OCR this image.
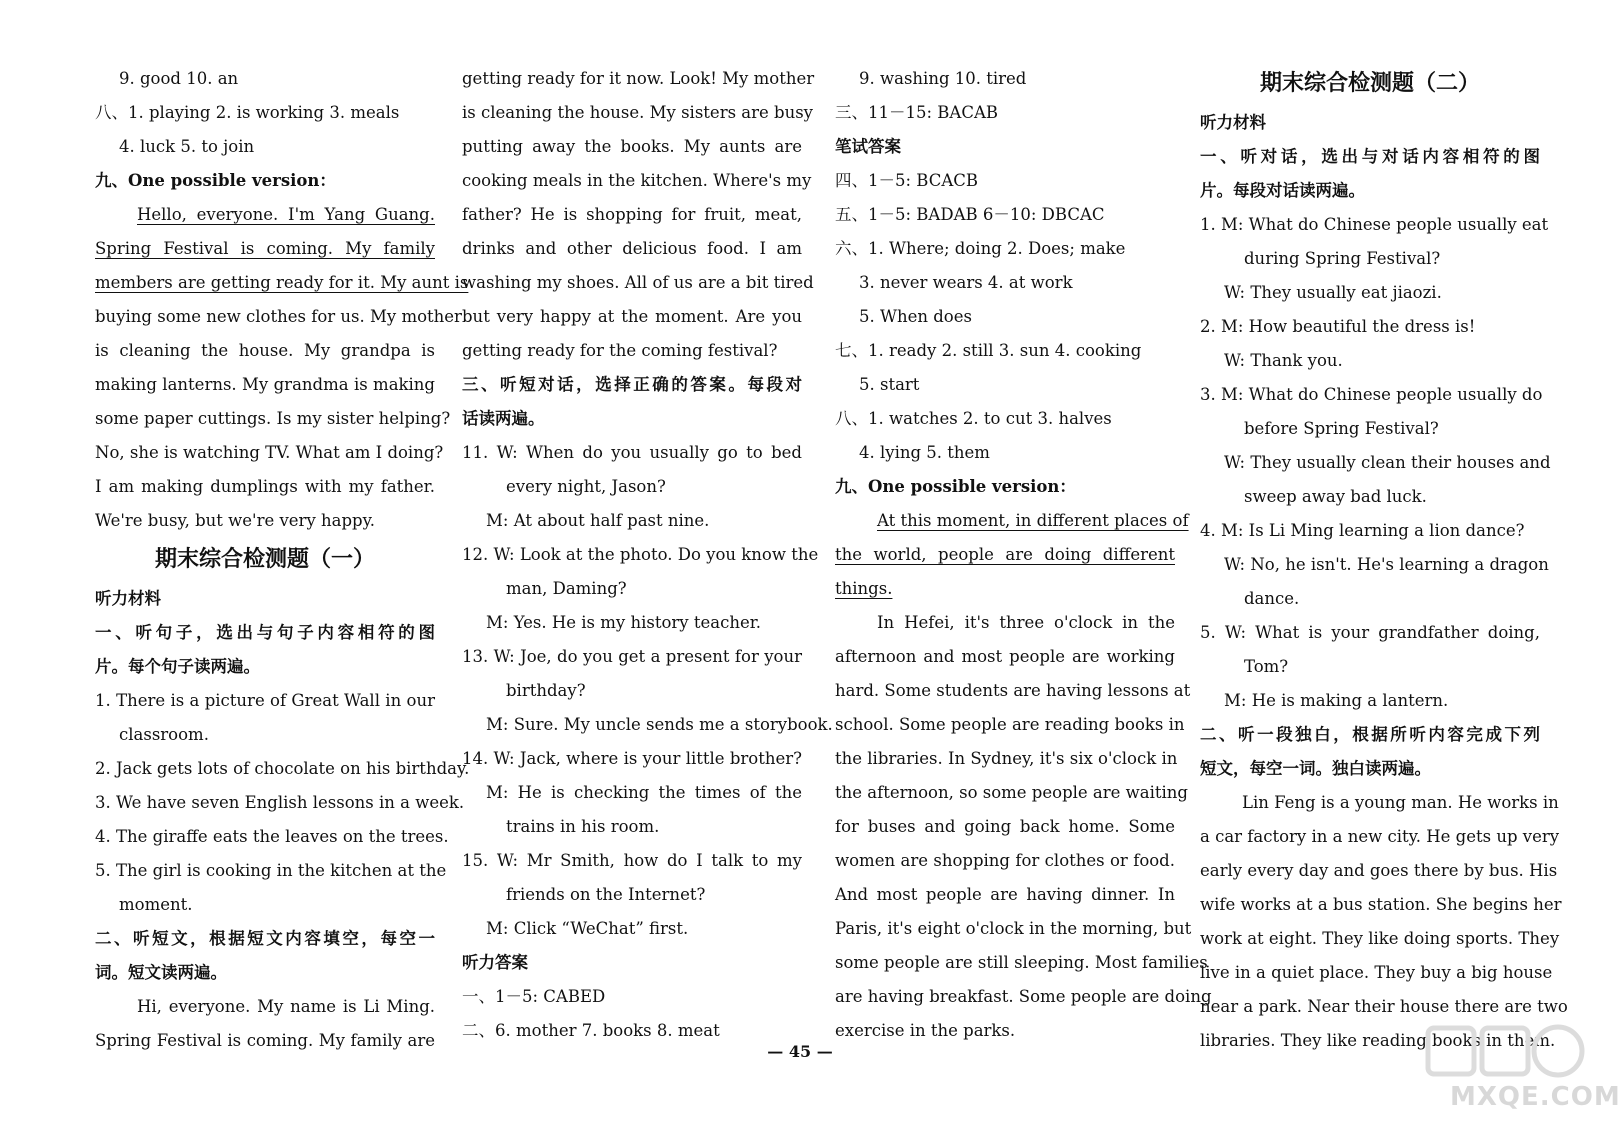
9. good 10. an
八、1. playing 2. is working 3. meals
4. luck 5. to join
九、One possible version：
Hello, everyone. I'm Yang Guang.
Spring Festival is coming. My family
members are getting ready for it. My aunt is
buying some new clothes for us. My mother
is cleaning the house. My grandpa is
making lanterns. My grandma is making
some paper cuttings. Is my sister helping?
No, she is watching TV. What am I doing?
I am making dumplings with my father.
We're busy, but we're very happy.
期末综合检测题（一）
听力材料
一、听句子，选出与句子内容相符的图
片。每个句子读两遍。
1. There is a picture of Great Wall in our
classroom.
2. Jack gets lots of chocolate on his birthday.
3. We have seven English lessons in a week.
4. The giraffe eats the leaves on the trees.
5. The girl is cooking in the kitchen at the
moment.
二、听短文，根据短文内容填空，每空一
词。短文读两遍。
Hi, everyone. My name is Li Ming.
Spring Festival is coming. My family are
getting ready for it now. Look! My mother
is cleaning the house. My sisters are busy
putting away the books. My aunts are
cooking meals in the kitchen. Where's my
father? He is shopping for fruit, meat,
drinks and other delicious food. I am
washing my shoes. All of us are a bit tired
but very happy at the moment. Are you
getting ready for the coming festival?
三、听短对话，选择正确的答案。每段对
话读两遍。
11. W: When do you usually go to bed
every night, Jason?
M: At about half past nine.
12. W: Look at the photo. Do you know the
man, Daming?
M: Yes. He is my history teacher.
13. W: Joe, do you get a present for your
birthday?
M: Sure. My uncle sends me a storybook.
14. W: Jack, where is your little brother?
M: He is checking the times of the
trains in his room.
15. W: Mr Smith, how do I talk to my
friends on the Internet?
M: Click “WeChat” first.
听力答案
一、1－5: CABED
二、6. mother 7. books 8. meat
9. washing 10. tired
三、11－15: BACAB
笔试答案
四、1－5: BCACB
五、1－5: BADAB 6－10: DBCAC
六、1. Where; doing 2. Does; make
3. never wears 4. at work
5. When does
七、1. ready 2. still 3. sun 4. cooking
5. start
八、1. watches 2. to cut 3. halves
4. lying 5. them
九、One possible version：
At this moment, in different places of
the world, people are doing different
things.
In Hefei, it's three o'clock in the
afternoon and most people are working
hard. Some students are having lessons at
school. Some people are reading books in
the libraries. In Sydney, it's six o'clock in
the afternoon, so some people are waiting
for buses and going back home. Some
women are shopping for clothes or food.
And most people are having dinner. In
Paris, it's eight o'clock in the morning, but
some people are still sleeping. Most families
are having breakfast. Some people are doing
exercise in the parks.
期末综合检测题（二）
听力材料
一、听对话，选出与对话内容相符的图
片。每段对话读两遍。
1. M: What do Chinese people usually eat
during Spring Festival?
W: They usually eat jiaozi.
2. M: How beautiful the dress is!
W: Thank you.
3. M: What do Chinese people usually do
before Spring Festival?
W: They usually clean their houses and
sweep away bad luck.
4. M: Is Li Ming learning a lion dance?
W: No, he isn't. He's learning a dragon
dance.
5. W: What is your grandfather doing,
Tom?
M: He is making a lantern.
二、听一段独白，根据所听内容完成下列
短文，每空一词。独白读两遍。
Lin Feng is a young man. He works in
a car factory in a new city. He gets up very
early every day and goes there by bus. His
wife works at a bus station. She begins her
work at eight. They like doing sports. They
live in a quiet place. They buy a big house
near a park. Near their house there are two
libraries. They like reading books in them.
— 45 —
MXQE.COM
